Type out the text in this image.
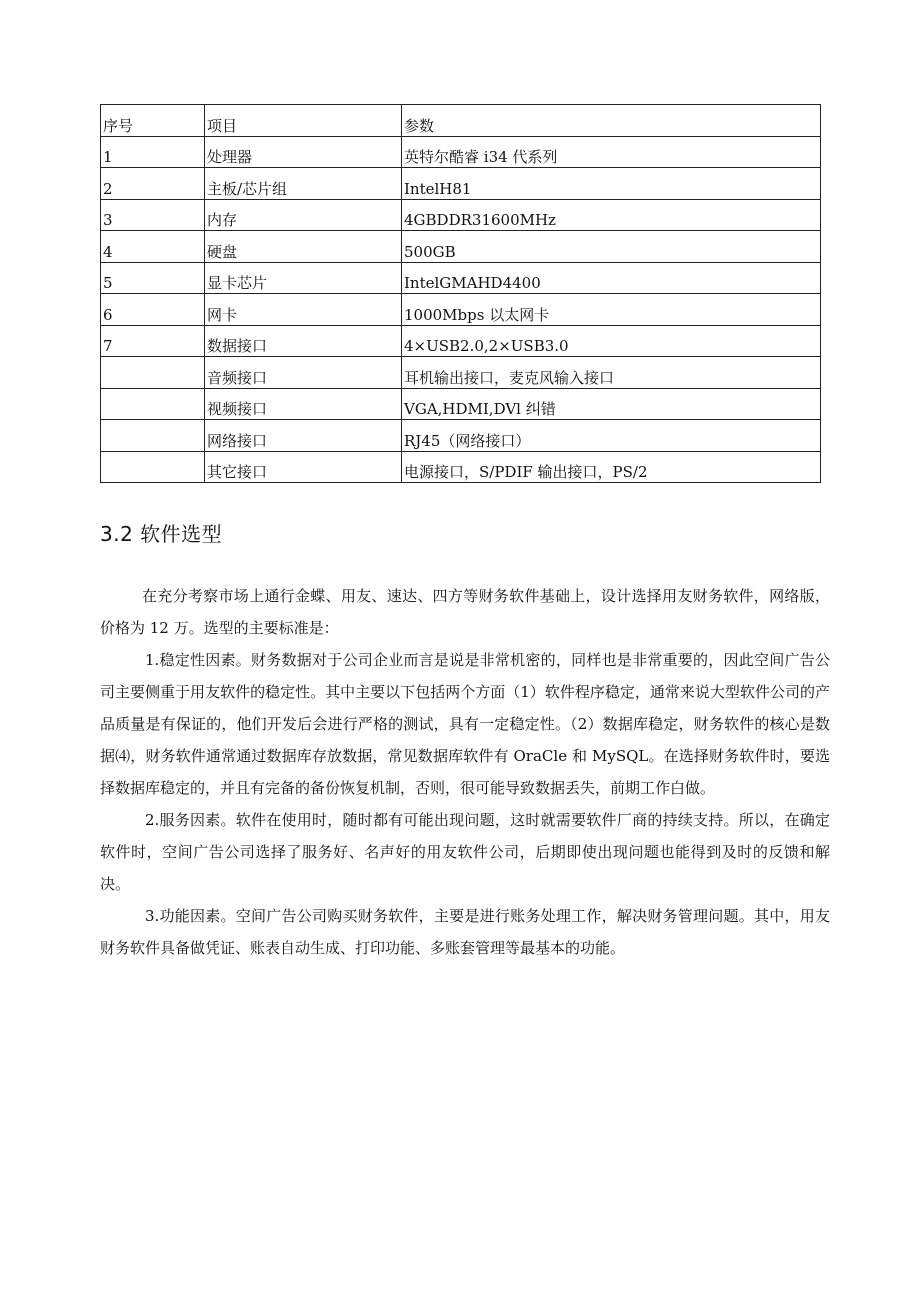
序号	项目	参数
1	处理器	英特尔酷睿 i34 代系列
2	主板/芯片组	IntelH81
3	内存	4GBDDR31600MHz
4	硬盘	500GB
5	显卡芯片	IntelGMAHD4400
6	网卡	1000Mbps 以太网卡
7	数据接口	4×USB2.0,2×USB3.0
	音频接口	耳机输出接口，麦克风输入接口
	视频接口	VGA,HDMI,DVl 纠错
	网络接口	RJ45（网络接口）
	其它接口	电源接口，S/PDIF 输出接口，PS/2
3.2 软件选型

在充分考察市场上通行金蝶、用友、速达、四方等财务软件基础上，设计选择用友财务软件，网络版，价格为 12 万。选型的主要标准是：

1.稳定性因素。财务数据对于公司企业而言是说是非常机密的，同样也是非常重要的，因此空间广告公司主要侧重于用友软件的稳定性。其中主要以下包括两个方面（1）软件程序稳定，通常来说大型软件公司的产品质量是有保证的，他们开发后会进行严格的测试，具有一定稳定性。（2）数据库稳定，财务软件的核心是数据⑷，财务软件通常通过数据库存放数据，常见数据库软件有 OraCle 和 MySQL。在选择财务软件时，要选择数据库稳定的，并且有完备的备份恢复机制，否则，很可能导致数据丢失，前期工作白做。

2.服务因素。软件在使用时，随时都有可能出现问题，这时就需要软件厂商的持续支持。所以，在确定软件时，空间广告公司选择了服务好、名声好的用友软件公司，后期即使出现问题也能得到及时的反馈和解决。

3.功能因素。空间广告公司购买财务软件，主要是进行账务处理工作，解决财务管理问题。其中，用友财务软件具备做凭证、账表自动生成、打印功能、多账套管理等最基本的功能。
